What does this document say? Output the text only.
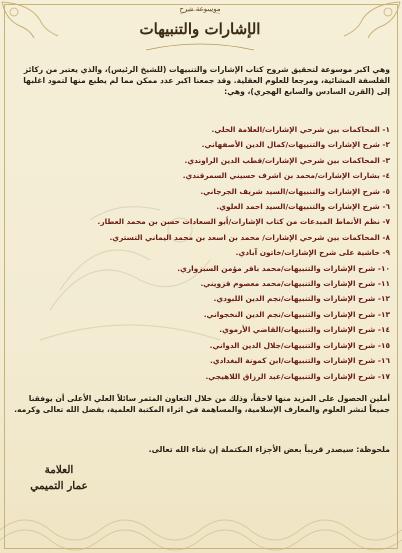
موسوعة شرح
الإشارات والتنبيهات
وهي اكبر موسوعة لتحقيق شروح كتاب الإشارات والتنبيهات (للشيخ الرئيس)، والذي يعتبر من ركائز الفلسفة المشائية، ومرجعا للعلوم العقلية. وقد جمعنا اكبر عدد ممكن مما لم يطبع منها لتمود اغلبها إلى (القرن السادس والسابع الهجري)، وهي:
١- المحاكمات بين شرحي الإشارات/العلامة الحلي.
٢- شرح الإشارات والتنبيهات/كمال الدين الأصفهاني.
٣- المحاكمات بين شرحي الإشارات/قطب الدين الراوندي.
٤- بشارات الإشارات/محمد بن اشرف حسيني السمرقندي.
٥- شرح الإشارات والتنبيهات/السيد شريف الجرجاني.
٦- شرح الإشارات والتنبيهات/السيد احمد العلوي.
٧- نظم الأنماط المبدعات من كتاب الإشارات/أبو السعادات حسن بن محمد العطار.
٨- المحاكمات بين شرحي الإشارات/ محمد بن اسعد بن محمد اليماني التستري.
٩- حاشية على شرح الإشارات/خاتون آبادي.
١٠- شرح الإشارات والتنبيهات/محمد باقر مؤمن السبزواري.
١١- شرح الإشارات والتنبيهات/محمد معصوم قزويني.
١٢- شرح الإشارات والتنبيهات/نجم الدين اللبودي.
١٣- شرح الإشارات والتنبيهات/نجم الدين النخجواني.
١٤- شرح الإشارات والتنبيهات/القاضي الأرموي.
١٥- شرح الإشارات والتنبيهات/جلال الدين الدواني.
١٦- شرح الإشارات والتنبيهات/ابن كمونة البغدادي.
١٧- شرح الإشارات والتنبيهات/عبد الرزاق اللاهيجي.
أملين الحصول على المزيد منها لاحقاً، وذلك من خلال التعاون المثمر سائلاً العلي الأعلى أن يوفقنا جميعاً لنشر العلوم والمعارف الإسلامية، والمساهمة في اثراء المكتبة العلمية، بفضل الله تعالى وكرمه.
ملحوظة: سيصدر قريباً بعض الأجزاء المكتملة إن شاء الله تعالى.
العلامة
عمار التميمي
